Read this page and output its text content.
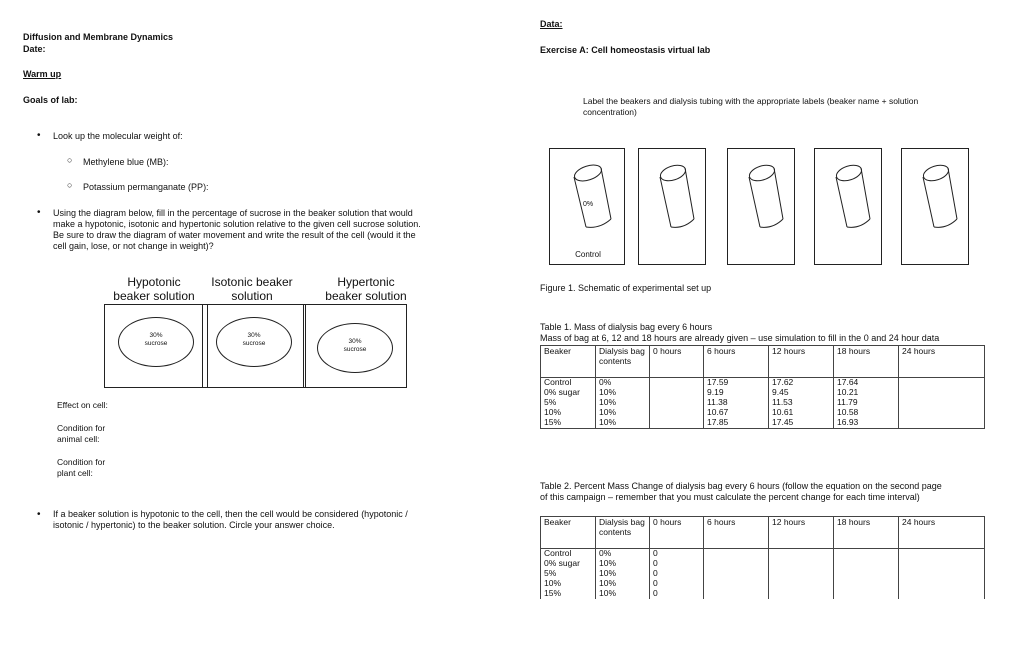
Diffusion and Membrane Dynamics
Date:
Warm up
Goals of lab:
• Look up the molecular weight of:
○ Methylene blue (MB):
○ Potassium permanganate (PP):
• Using the diagram below, fill in the percentage of sucrose in the beaker solution that would
make a hypotonic, isotonic and hypertonic solution relative to the given cell sucrose solution.
Be sure to draw the diagram of water movement and write the result of the cell (would it the
cell gain, lose, or not change in weight)?
Hypotonic
beaker solution
Isotonic beaker
solution
Hypertonic
beaker solution
30%
sucrose
30%
sucrose	30%
sucrose
Effect on cell:
Condition for
animal cell:
Condition for
plant cell:
• If a beaker solution is hypotonic to the cell, then the cell would be considered (hypotonic /
isotonic / hypertonic) to the beaker solution. Circle your answer choice.
Data:
Exercise A: Cell homeostasis virtual lab
Label the beakers and dialysis tubing with the appropriate labels (beaker name + solution
concentration)
0%
Control
Figure 1. Schematic of experimental set up
Table 1. Mass of dialysis bag every 6 hours
Mass of bag at 6, 12 and 18 hours are already given – use simulation to fill in the 0 and 24 hour data
Beaker	Dialysis bag contents	0 hours	6 hours	12 hours	18 hours	24 hours
Control	0%		17.59	17.62	17.64	
0% sugar	10%		9.19	9.45	10.21	
5%	10%		11.38	11.53	11.79	
10%	10%		10.67	10.61	10.58	
15%	10%		17.85	17.45	16.93	
Table 2. Percent Mass Change of dialysis bag every 6 hours (follow the equation on the second page
of this campaign – remember that you must calculate the percent change for each time interval)
Beaker	Dialysis bag contents	0 hours	6 hours	12 hours	18 hours	24 hours
Control	0%	0				
0% sugar	10%	0				
5%	10%	0				
10%	10%	0				
15%	10%	0				
